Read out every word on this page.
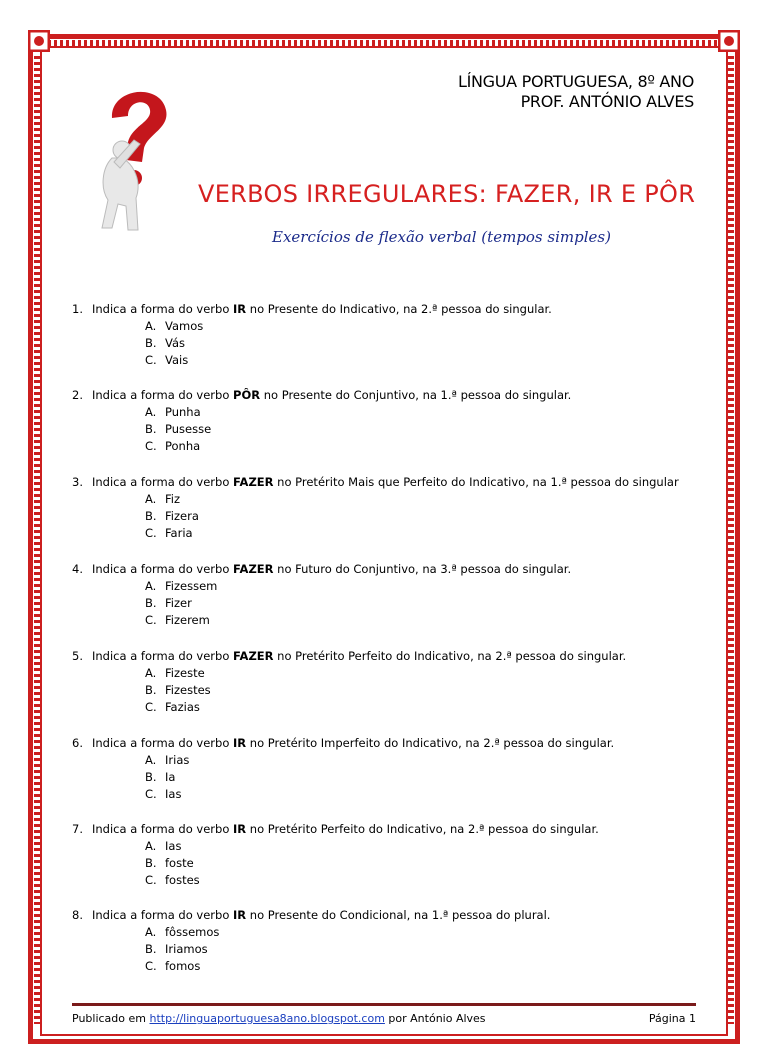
LÍNGUA PORTUGUESA, 8º ANO
PROF. ANTÓNIO ALVES
VERBOS IRREGULARES: FAZER, IR E PÔR
Exercícios de flexão verbal (tempos simples)
1. Indica a forma do verbo IR no Presente do Indicativo, na 2.ª pessoa do singular.
A. Vamos
B. Vás
C. Vais
2. Indica a forma do verbo PÔR no Presente do Conjuntivo, na 1.ª pessoa do singular.
A. Punha
B. Pusesse
C. Ponha
3. Indica a forma do verbo FAZER no Pretérito Mais que Perfeito do Indicativo, na 1.ª pessoa do singular
A. Fiz
B. Fizera
C. Faria
4. Indica a forma do verbo FAZER no Futuro do Conjuntivo, na 3.ª pessoa do singular.
A. Fizessem
B. Fizer
C. Fizerem
5. Indica a forma do verbo FAZER no Pretérito Perfeito do Indicativo, na 2.ª pessoa do singular.
A. Fizeste
B. Fizestes
C. Fazias
6. Indica a forma do verbo IR no Pretérito Imperfeito do Indicativo, na 2.ª pessoa do singular.
A. Irias
B. Ia
C. Ias
7. Indica a forma do verbo IR no Pretérito Perfeito do Indicativo, na 2.ª pessoa do singular.
A. Ias
B. foste
C. fostes
8. Indica a forma do verbo IR no Presente do Condicional, na 1.ª pessoa do plural.
A. fôssemos
B. Iriamos
C. fomos
Publicado em http://linguaportuguesa8ano.blogspot.com por António Alves	Página 1
